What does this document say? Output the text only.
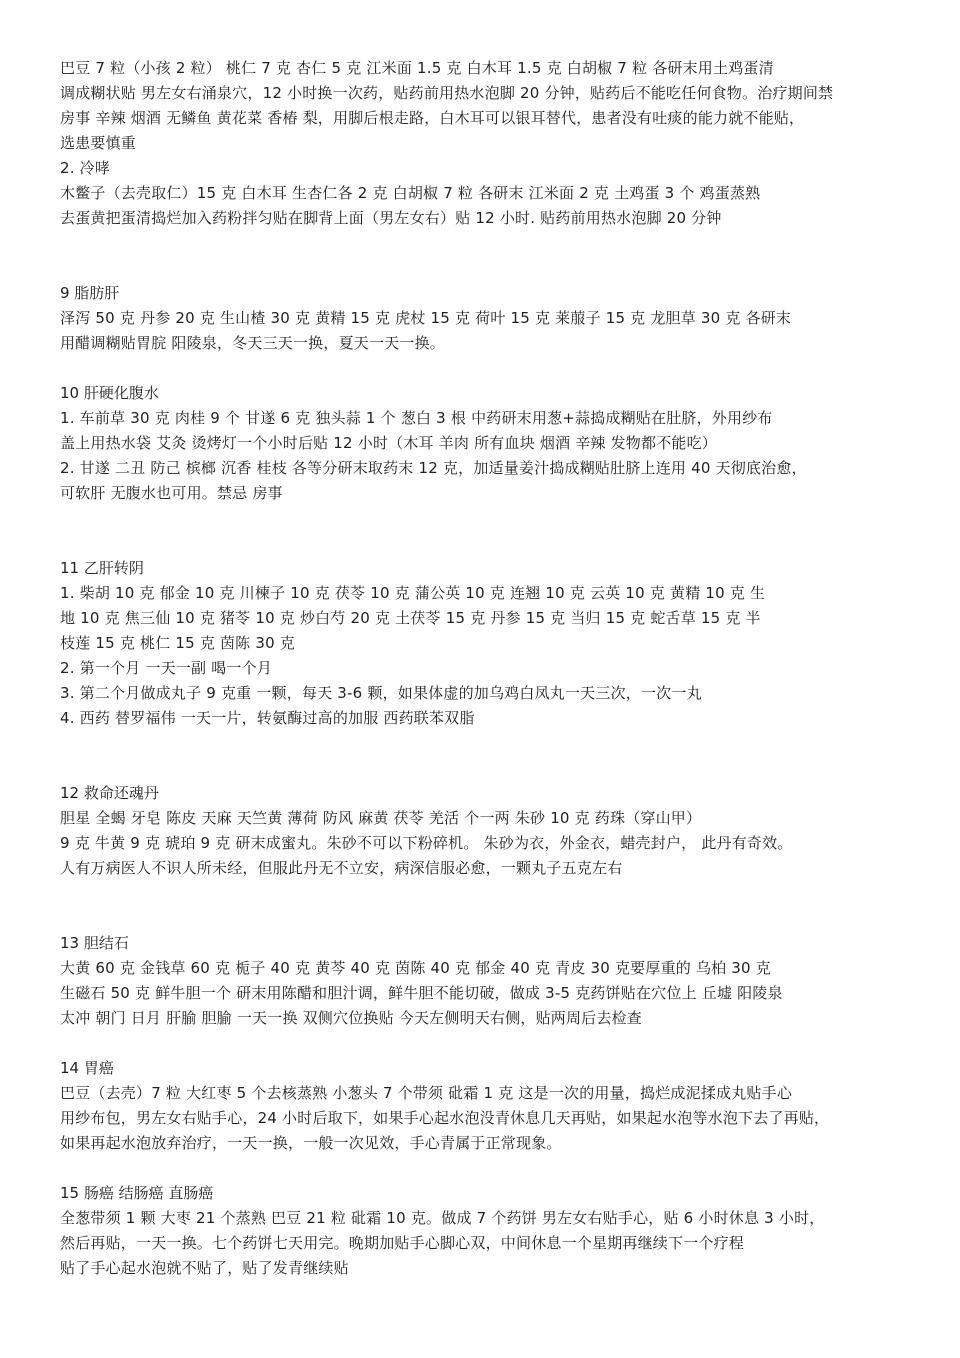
巴豆 7 粒（小孩 2 粒） 桃仁 7 克 杏仁 5 克 江米面 1.5 克 白木耳 1.5 克 白胡椒 7 粒 各研末用土鸡蛋清
调成糊状贴 男左女右涌泉穴，12 小时换一次药，贴药前用热水泡脚 20 分钟，贴药后不能吃任何食物。治疗期间禁
房事 辛辣 烟酒 无鳞鱼 黄花菜 香椿 梨，用脚后根走路，白木耳可以银耳替代，患者没有吐痰的能力就不能贴，
选患要慎重
2. 冷哮
木鳖子（去壳取仁）15 克 白木耳 生杏仁各 2 克 白胡椒 7 粒 各研末 江米面 2 克 土鸡蛋 3 个 鸡蛋蒸熟
去蛋黄把蛋清捣烂加入药粉拌匀贴在脚背上面（男左女右）贴 12 小时. 贴药前用热水泡脚 20 分钟
9 脂肪肝
泽泻 50 克 丹参 20 克 生山楂 30 克 黄精 15 克 虎杖 15 克 荷叶 15 克 莱菔子 15 克 龙胆草 30 克 各研末
用醋调糊贴胃脘 阳陵泉，冬天三天一换，夏天一天一换。
10 肝硬化腹水
1. 车前草 30 克 肉桂 9 个 甘遂 6 克 独头蒜 1 个 葱白 3 根 中药研末用葱+蒜捣成糊贴在肚脐，外用纱布
盖上用热水袋 艾灸 烫烤灯一个小时后贴 12 小时（木耳 羊肉 所有血块 烟酒 辛辣 发物都不能吃）
2. 甘遂 二丑 防己 槟榔 沉香 桂枝 各等分研末取药末 12 克，加适量姜汁捣成糊贴肚脐上连用 40 天彻底治愈，
可软肝 无腹水也可用。禁忌 房事
11 乙肝转阴
1. 柴胡 10 克 郁金 10 克 川楝子 10 克 茯苓 10 克 蒲公英 10 克 连翘 10 克 云英 10 克 黄精 10 克 生
地 10 克 焦三仙 10 克 猪苓 10 克 炒白芍 20 克 土茯苓 15 克 丹参 15 克 当归 15 克 蛇舌草 15 克 半
枝莲 15 克 桃仁 15 克 茵陈 30 克
2. 第一个月 一天一副 喝一个月
3. 第二个月做成丸子 9 克重 一颗，每天 3-6 颗，如果体虚的加乌鸡白凤丸一天三次，一次一丸
4. 西药 替罗福伟 一天一片，转氨酶过高的加服 西药联苯双脂
12 救命还魂丹
胆星 全蝎 牙皂 陈皮 天麻 天竺黄 薄荷 防风 麻黄 茯苓 羌活 个一两 朱砂 10 克 药珠（穿山甲）
9 克 牛黄 9 克 琥珀 9 克 研末成蜜丸。朱砂不可以下粉碎机。 朱砂为衣，外金衣，蜡壳封户， 此丹有奇效。
人有万病医人不识人所未经，但服此丹无不立安，病深信服必愈，一颗丸子五克左右
13 胆结石
大黄 60 克 金钱草 60 克 栀子 40 克 黄芩 40 克 茵陈 40 克 郁金 40 克 青皮 30 克要厚重的 乌柏 30 克
生磁石 50 克 鲜牛胆一个 研末用陈醋和胆汁调，鲜牛胆不能切破，做成 3-5 克药饼贴在穴位上 丘墟 阳陵泉
太冲 朝门 日月 肝腧 胆腧 一天一换 双侧穴位换贴 今天左侧明天右侧，贴两周后去检查
14 胃癌
巴豆（去壳）7 粒 大红枣 5 个去核蒸熟 小葱头 7 个带须 砒霜 1 克 这是一次的用量，捣烂成泥揉成丸贴手心
用纱布包，男左女右贴手心，24 小时后取下，如果手心起水泡没青休息几天再贴，如果起水泡等水泡下去了再贴，
如果再起水泡放弃治疗，一天一换，一般一次见效，手心青属于正常现象。
15 肠癌 结肠癌 直肠癌
全葱带须 1 颗 大枣 21 个蒸熟 巴豆 21 粒 砒霜 10 克。做成 7 个药饼 男左女右贴手心，贴 6 小时休息 3 小时，
然后再贴，一天一换。七个药饼七天用完。晚期加贴手心脚心双，中间休息一个星期再继续下一个疗程
贴了手心起水泡就不贴了，贴了发青继续贴
